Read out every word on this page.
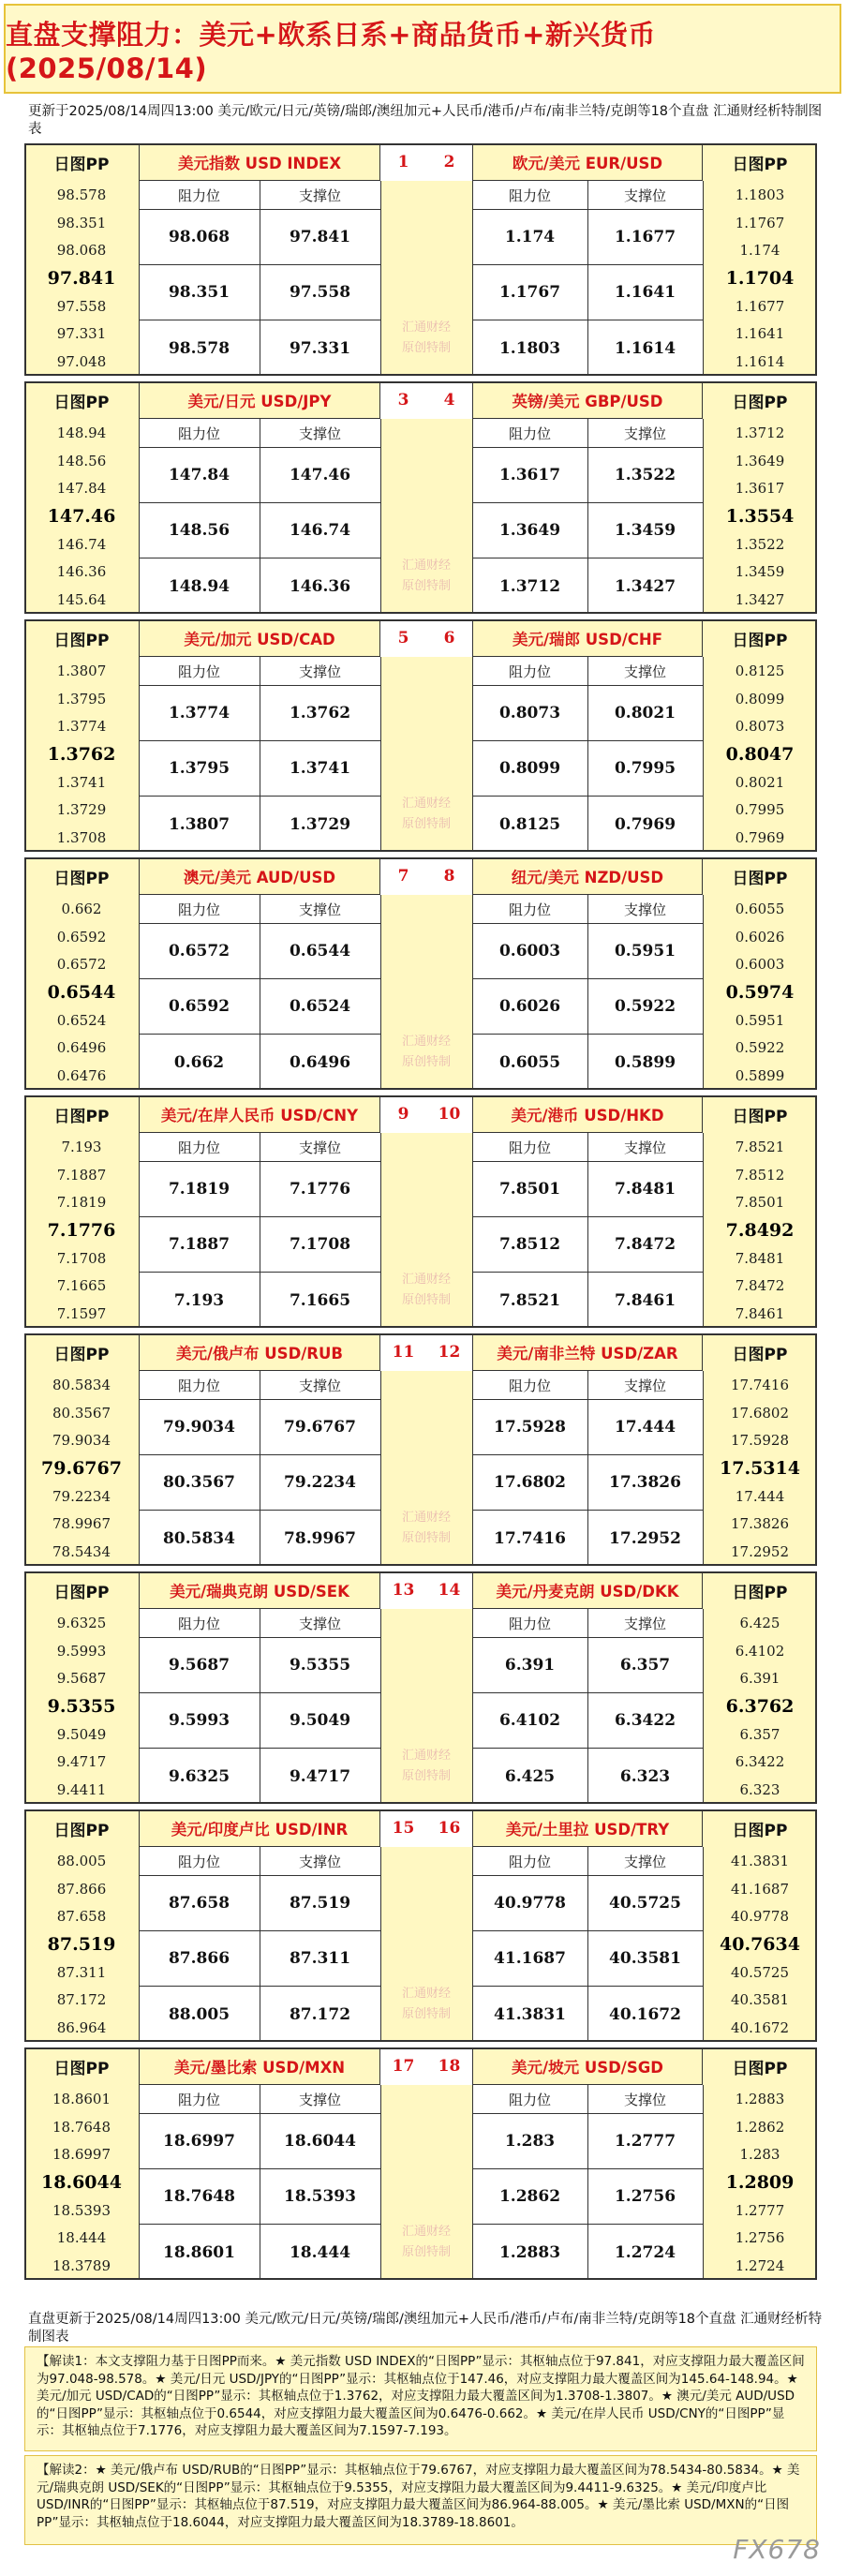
直盘支撑阻力：美元+欧系日系+商品货币+新兴货币(2025/08/14)
更新于2025/08/14周四13:00 美元/欧元/日元/英镑/瑞郎/澳纽加元+人民币/港币/卢布/南非兰特/克朗等18个直盘 汇通财经析特制图表
日图PP
98.578
98.351
98.068
97.841
97.558
97.331
97.048
日图PP
1.1803
1.1767
1.174
1.1704
1.1677
1.1641
1.1614
汇通财经
原创特制
1	2
美元指数 USD INDEX
阻力位	支撑位
98.068	97.841
98.351	97.558
98.578	97.331
欧元/美元 EUR/USD
阻力位	支撑位
1.174	1.1677
1.1767	1.1641
1.1803	1.1614
日图PP
148.94
148.56
147.84
147.46
146.74
146.36
145.64
日图PP
1.3712
1.3649
1.3617
1.3554
1.3522
1.3459
1.3427
汇通财经
原创特制
3	4
美元/日元 USD/JPY
阻力位	支撑位
147.84	147.46
148.56	146.74
148.94	146.36
英镑/美元 GBP/USD
阻力位	支撑位
1.3617	1.3522
1.3649	1.3459
1.3712	1.3427
日图PP
1.3807
1.3795
1.3774
1.3762
1.3741
1.3729
1.3708
日图PP
0.8125
0.8099
0.8073
0.8047
0.8021
0.7995
0.7969
汇通财经
原创特制
5	6
美元/加元 USD/CAD
阻力位	支撑位
1.3774	1.3762
1.3795	1.3741
1.3807	1.3729
美元/瑞郎 USD/CHF
阻力位	支撑位
0.8073	0.8021
0.8099	0.7995
0.8125	0.7969
日图PP
0.662
0.6592
0.6572
0.6544
0.6524
0.6496
0.6476
日图PP
0.6055
0.6026
0.6003
0.5974
0.5951
0.5922
0.5899
汇通财经
原创特制
7	8
澳元/美元 AUD/USD
阻力位	支撑位
0.6572	0.6544
0.6592	0.6524
0.662	0.6496
纽元/美元 NZD/USD
阻力位	支撑位
0.6003	0.5951
0.6026	0.5922
0.6055	0.5899
日图PP
7.193
7.1887
7.1819
7.1776
7.1708
7.1665
7.1597
日图PP
7.8521
7.8512
7.8501
7.8492
7.8481
7.8472
7.8461
汇通财经
原创特制
9	10
美元/在岸人民币 USD/CNY
阻力位	支撑位
7.1819	7.1776
7.1887	7.1708
7.193	7.1665
美元/港币 USD/HKD
阻力位	支撑位
7.8501	7.8481
7.8512	7.8472
7.8521	7.8461
日图PP
80.5834
80.3567
79.9034
79.6767
79.2234
78.9967
78.5434
日图PP
17.7416
17.6802
17.5928
17.5314
17.444
17.3826
17.2952
汇通财经
原创特制
11	12
美元/俄卢布 USD/RUB
阻力位	支撑位
79.9034	79.6767
80.3567	79.2234
80.5834	78.9967
美元/南非兰特 USD/ZAR
阻力位	支撑位
17.5928	17.444
17.6802	17.3826
17.7416	17.2952
日图PP
9.6325
9.5993
9.5687
9.5355
9.5049
9.4717
9.4411
日图PP
6.425
6.4102
6.391
6.3762
6.357
6.3422
6.323
汇通财经
原创特制
13	14
美元/瑞典克朗 USD/SEK
阻力位	支撑位
9.5687	9.5355
9.5993	9.5049
9.6325	9.4717
美元/丹麦克朗 USD/DKK
阻力位	支撑位
6.391	6.357
6.4102	6.3422
6.425	6.323
日图PP
88.005
87.866
87.658
87.519
87.311
87.172
86.964
日图PP
41.3831
41.1687
40.9778
40.7634
40.5725
40.3581
40.1672
汇通财经
原创特制
15	16
美元/印度卢比 USD/INR
阻力位	支撑位
87.658	87.519
87.866	87.311
88.005	87.172
美元/土里拉 USD/TRY
阻力位	支撑位
40.9778	40.5725
41.1687	40.3581
41.3831	40.1672
日图PP
18.8601
18.7648
18.6997
18.6044
18.5393
18.444
18.3789
日图PP
1.2883
1.2862
1.283
1.2809
1.2777
1.2756
1.2724
汇通财经
原创特制
17	18
美元/墨比索 USD/MXN
阻力位	支撑位
18.6997	18.6044
18.7648	18.5393
18.8601	18.444
美元/坡元 USD/SGD
阻力位	支撑位
1.283	1.2777
1.2862	1.2756
1.2883	1.2724
直盘更新于2025/08/14周四13:00 美元/欧元/日元/英镑/瑞郎/澳纽加元+人民币/港币/卢布/南非兰特/克朗等18个直盘 汇通财经析特制图表
【解读1：本文支撑阻力基于日图PP而来。★ 美元指数 USD INDEX的“日图PP”显示：其枢轴点位于97.841，对应支撑阻力最大覆盖区间为97.048-98.578。★ 美元/日元 USD/JPY的“日图PP”显示：其枢轴点位于147.46，对应支撑阻力最大覆盖区间为145.64-148.94。★ 美元/加元 USD/CAD的“日图PP”显示：其枢轴点位于1.3762，对应支撑阻力最大覆盖区间为1.3708-1.3807。★ 澳元/美元 AUD/USD的“日图PP”显示：其枢轴点位于0.6544，对应支撑阻力最大覆盖区间为0.6476-0.662。★ 美元/在岸人民币 USD/CNY的“日图PP”显示：其枢轴点位于7.1776，对应支撑阻力最大覆盖区间为7.1597-7.193。
【解读2：★ 美元/俄卢布 USD/RUB的“日图PP”显示：其枢轴点位于79.6767，对应支撑阻力最大覆盖区间为78.5434-80.5834。★ 美元/瑞典克朗 USD/SEK的“日图PP”显示：其枢轴点位于9.5355，对应支撑阻力最大覆盖区间为9.4411-9.6325。★ 美元/印度卢比 USD/INR的“日图PP”显示：其枢轴点位于87.519，对应支撑阻力最大覆盖区间为86.964-88.005。★ 美元/墨比索 USD/MXN的“日图PP”显示：其枢轴点位于18.6044，对应支撑阻力最大覆盖区间为18.3789-18.8601。
FX678
